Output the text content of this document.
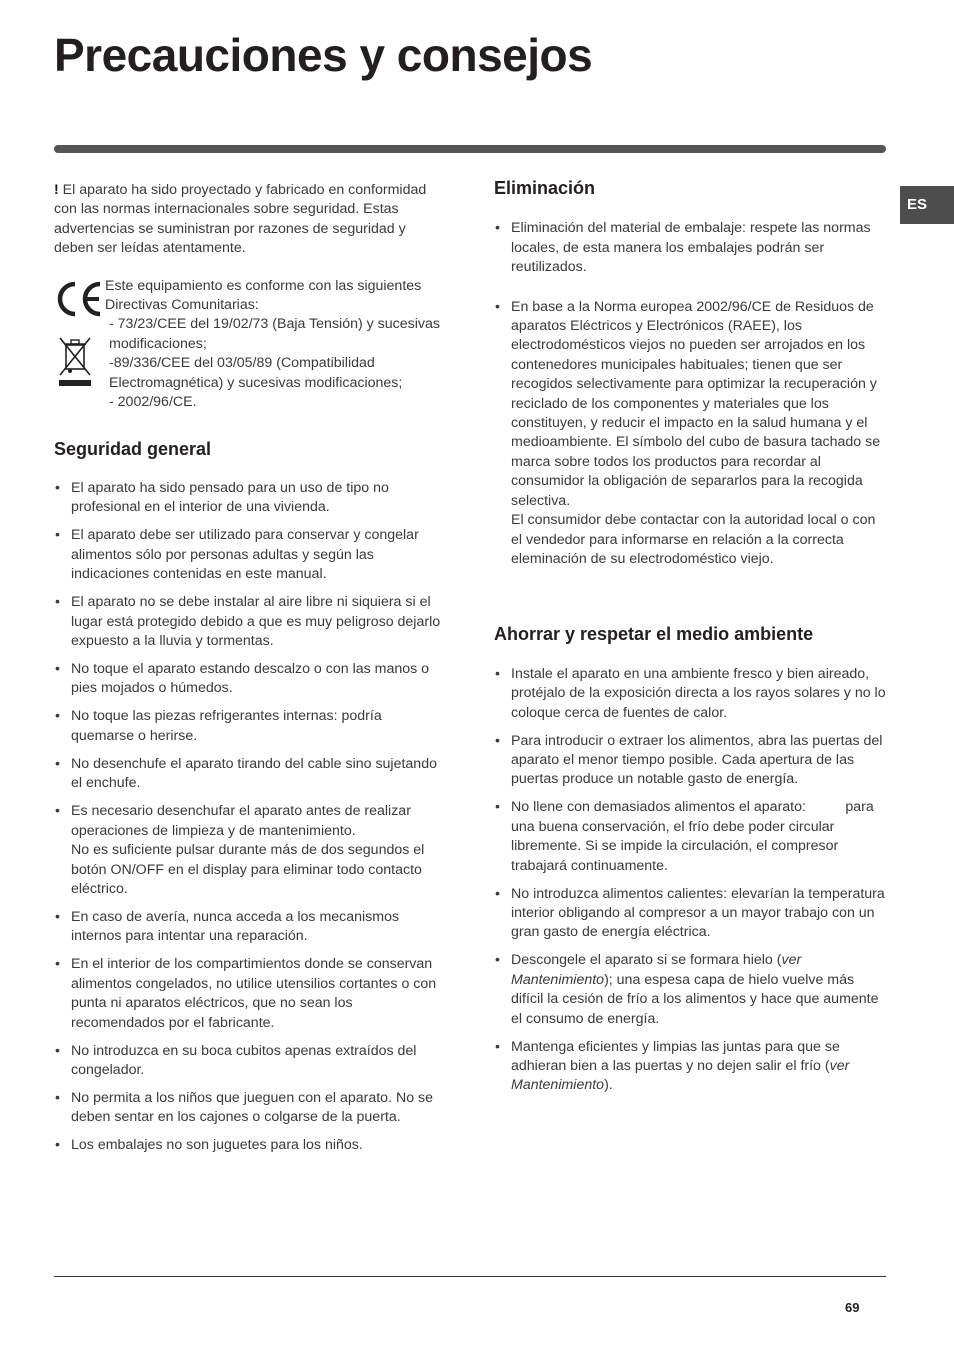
Precauciones y consejos
ES

! El aparato ha sido proyectado y fabricado en conformidad con las normas internacionales sobre seguridad. Estas advertencias se suministran por razones de seguridad y deben ser leídas atentamente.

Este equipamiento es conforme con las siguientes Directivas Comunitarias:

- 73/23/CEE del 19/02/73 (Baja Tensión) y sucesivas modificaciones;

-89/336/CEE del 03/05/89 (Compatibilidad Electromagnética) y sucesivas modificaciones;

- 2002/96/CE.

Seguridad general
• El aparato ha sido pensado para un uso de tipo no profesional en el interior de una vivienda.
• El aparato debe ser utilizado para conservar y congelar alimentos sólo por personas adultas y según las indicaciones contenidas en este manual.
• El aparato no se debe instalar al aire libre ni siquiera si el lugar está protegido debido a que es muy peligroso dejarlo expuesto a la lluvia y tormentas.
• No toque el aparato estando descalzo o con las manos o pies mojados o húmedos.
• No toque las piezas refrigerantes internas: podría quemarse o herirse.
• No desenchufe el aparato tirando del cable sino sujetando el enchufe.
• Es necesario desenchufar el aparato antes de realizar operaciones de limpieza y de mantenimiento.
No es suficiente pulsar durante más de dos segundos el botón ON/OFF en el display para eliminar todo contacto eléctrico.
• En caso de avería, nunca acceda a los mecanismos internos para intentar una reparación.
• En el interior de los compartimientos donde se conservan alimentos congelados, no utilice utensilios cortantes o con punta ni aparatos eléctricos, que no sean los recomendados por el fabricante.
• No introduzca en su boca cubitos apenas extraídos del congelador.
• No permita a los niños que jueguen con el aparato. No se deben sentar en los cajones o colgarse de la puerta.
• Los embalajes no son juguetes para los niños.
Eliminación
• Eliminación del material de embalaje: respete las normas locales, de esta manera los embalajes podrán ser reutilizados.
• En base a la Norma europea 2002/96/CE de Residuos de aparatos Eléctricos y Electrónicos (RAEE), los electrodomésticos viejos no pueden ser arrojados en los contenedores municipales habituales; tienen que ser recogidos selectivamente para optimizar la recuperación y reciclado de los componentes y materiales que los constituyen, y reducir el impacto en la salud humana y el medioambiente. El símbolo del cubo de basura tachado se marca sobre todos los productos para recordar al consumidor la obligación de separarlos para la recogida selectiva.
El consumidor debe contactar con la autoridad local o con el vendedor para informarse en relación a la correcta eleminación de su electrodoméstico viejo.
Ahorrar y respetar el medio ambiente
• Instale el aparato en una ambiente fresco y bien aireado, protéjalo de la exposición directa a los rayos solares y no lo coloque cerca de fuentes de calor.
• Para introducir o extraer los alimentos, abra las puertas del aparato el menor tiempo posible. Cada apertura de las puertas produce un notable gasto de energía.
• No llene con demasiados alimentos el aparato:          para una buena conservación, el frío debe poder circular libremente. Si se impide la circulación, el compresor trabajará continuamente.
• No introduzca alimentos calientes: elevarían la temperatura interior obligando al compresor a un mayor trabajo con un gran gasto de energía eléctrica.
• Descongele el aparato si se formara hielo (ver Mantenimiento); una espesa capa de hielo vuelve más difícil la cesión de frío a los alimentos y hace que aumente el consumo de energía.
• Mantenga eficientes y limpias las juntas para que se adhieran bien a las puertas y no dejen salir el frío (ver Mantenimiento).
69
